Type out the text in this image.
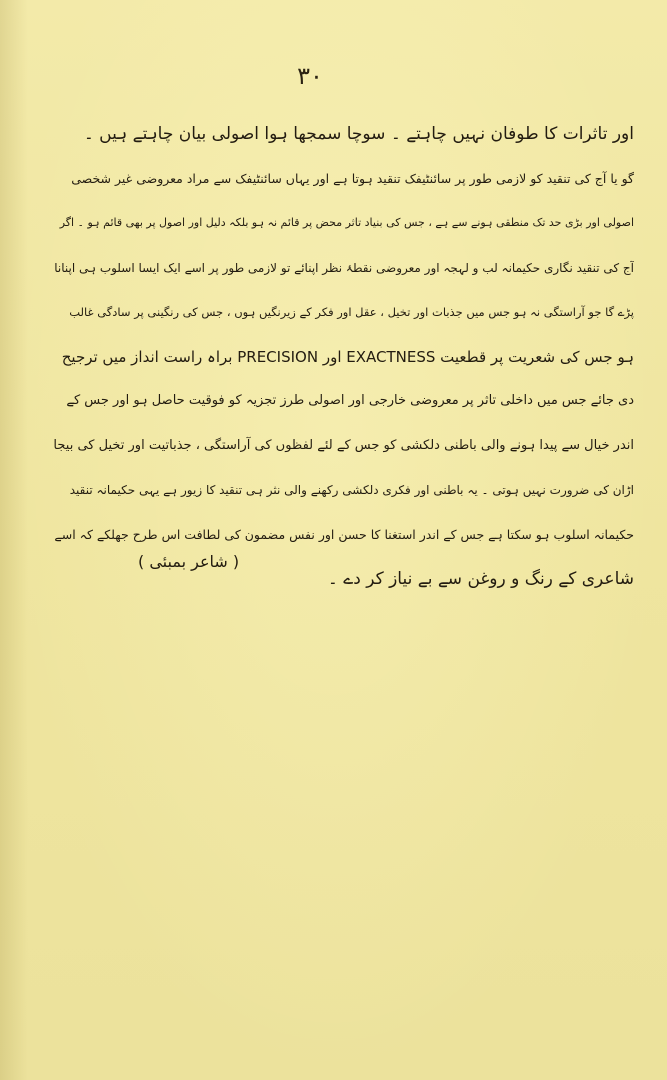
۳۰
اور تاثرات کا طوفان نہیں چاہتے ۔ سوچا سمجھا ہوا اصولی بیان چاہتے ہیں ۔
گو یا آج کی تنقید کو لازمی طور پر سائنٹیفک تنقید ہوتا ہے اور یہاں سائنٹیفک سے مراد معروضی غیر شخصی
اصولی اور بڑی حد تک منطقی ہونے سے ہے ، جس کی بنیاد تاثر محض پر قائم نہ ہو بلکہ دلیل اور اصول پر بھی قائم ہو ۔ اگر
آج کی تنقید نگاری حکیمانہ لب و لہجہ اور معروضی نقطۂ نظر اپنائے تو لازمی طور پر اسے ایک ایسا اسلوب ہی اپنانا
پڑے گا جو آراستگی نہ ہو جس میں جذبات اور تخیل ، عقل اور فکر کے زیرنگیں ہوں ، جس کی رنگینی پر سادگی غالب
ہو جس کی شعریت پر قطعیت EXACTNESS اور PRECISION براہ راست انداز میں ترجیح
دی جائے جس میں داخلی تاثر پر معروضی خارجی اور اصولی طرز تجزیہ کو فوقیت حاصل ہو اور جس کے
اندر خیال سے پیدا ہونے والی باطنی دلکشی کو جس کے لئے لفظوں کی آراستگی ، جذباتیت اور تخیل کی بیجا
اڑان کی ضرورت نہیں ہوتی ۔ یہ باطنی اور فکری دلکشی رکھنے والی نثر ہی تنقید کا زیور ہے یہی حکیمانہ تنقید
حکیمانہ اسلوب ہو سکتا ہے جس کے اندر استغنا کا حسن اور نفس مضمون کی لطافت اس طرح جھلکے کہ اسے
شاعری کے رنگ و روغن سے بے نیاز کر دے ۔
( شاعر بمبئی )
